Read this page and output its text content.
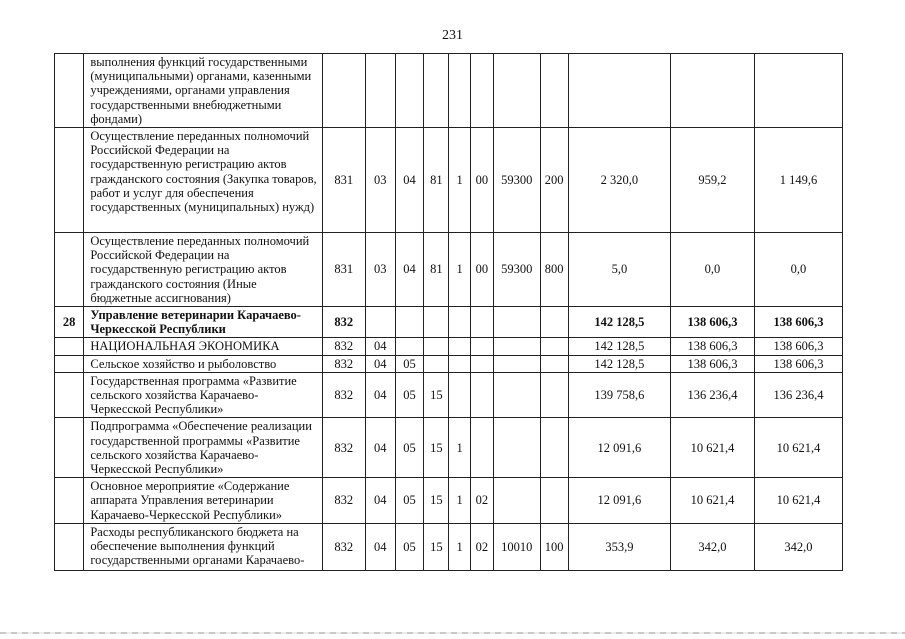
231
	выполнения функций государственными (муниципальными) органами, казенными учреждениями, органами управления государственными внебюджетными фондами)											
	Осуществление переданных полномочий Российской Федерации на государственную регистрацию актов гражданского состояния (Закупка товаров, работ и услуг для обеспечения государственных (муниципальных) нужд)	831	03	04	81	1	00	59300	200	2 320,0	959,2	1 149,6
	Осуществление переданных полномочий Российской Федерации на государственную регистрацию актов гражданского состояния (Иные бюджетные ассигнования)	831	03	04	81	1	00	59300	800	5,0	0,0	0,0
28	Управление ветеринарии Карачаево-Черкесской Республики	832								142 128,5	138 606,3	138 606,3
	НАЦИОНАЛЬНАЯ ЭКОНОМИКА	832	04							142 128,5	138 606,3	138 606,3
	Сельское хозяйство и рыболовство	832	04	05						142 128,5	138 606,3	138 606,3
	Государственная программа «Развитие сельского хозяйства Карачаево-Черкесской Республики»	832	04	05	15					139 758,6	136 236,4	136 236,4
	Подпрограмма «Обеспечение реализации государственной программы «Развитие сельского хозяйства Карачаево-Черкесской Республики»	832	04	05	15	1				12 091,6	10 621,4	10 621,4
	Основное мероприятие «Содержание аппарата Управления ветеринарии Карачаево-Черкесской Республики»	832	04	05	15	1	02			12 091,6	10 621,4	10 621,4
	Расходы республиканского бюджета на обеспечение выполнения функций государственными органами Карачаево-	832	04	05	15	1	02	10010	100	353,9	342,0	342,0
